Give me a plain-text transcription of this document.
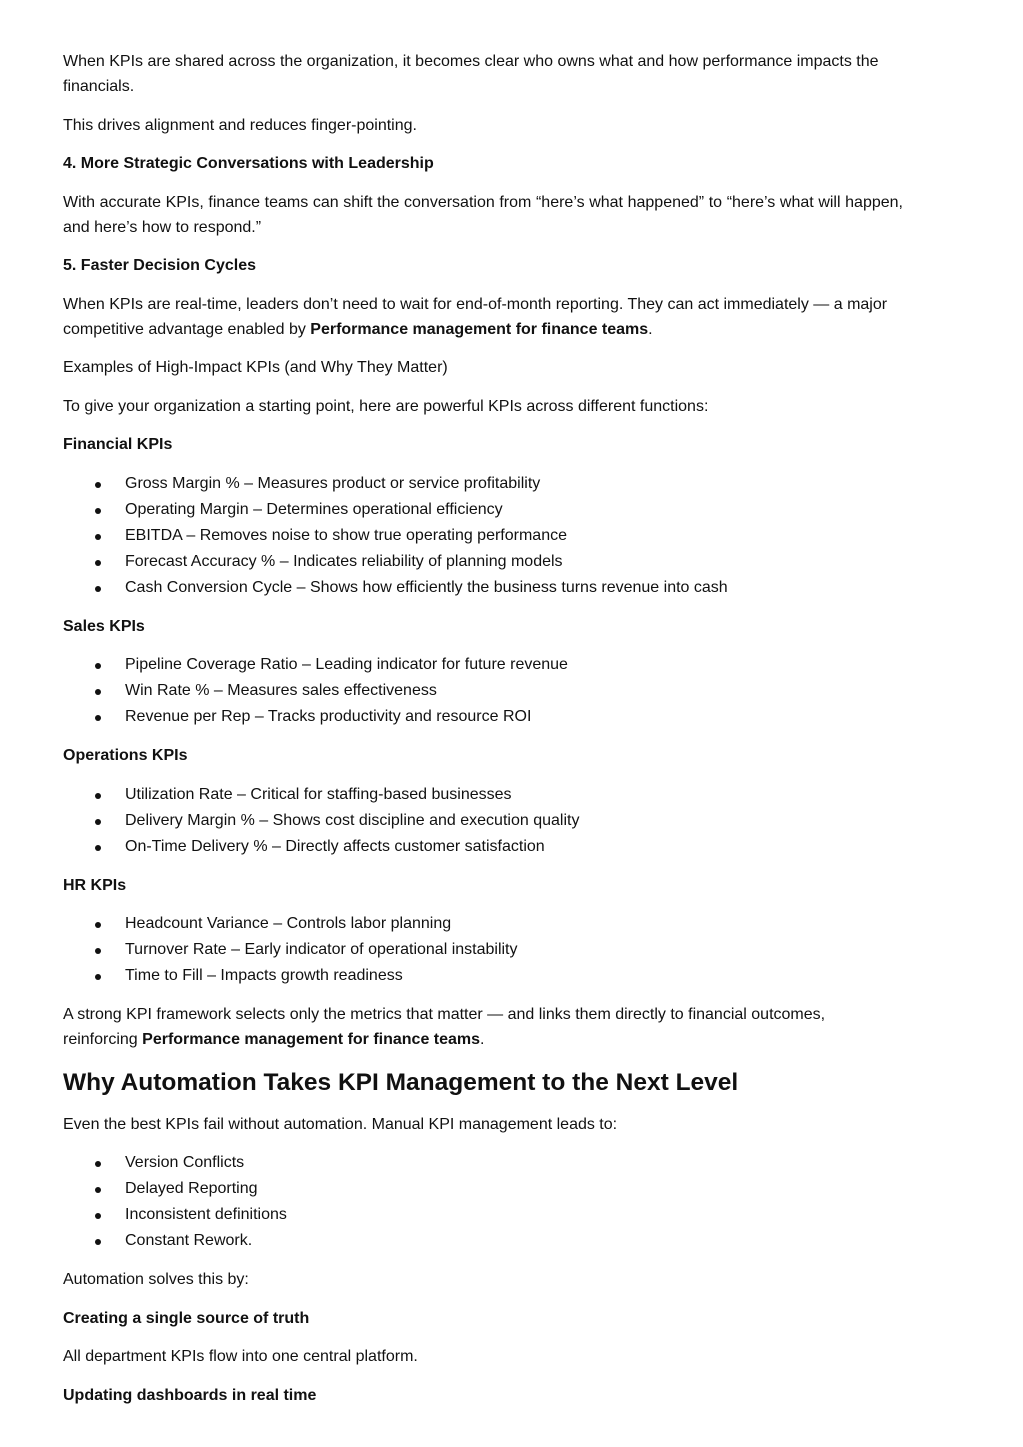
When KPIs are shared across the organization, it becomes clear who owns what and how performance impacts the financials.

This drives alignment and reduces finger-pointing.

4. More Strategic Conversations with Leadership

With accurate KPIs, finance teams can shift the conversation from “here’s what happened” to “here’s what will happen, and here’s how to respond.”

5. Faster Decision Cycles

When KPIs are real-time, leaders don’t need to wait for end-of-month reporting. They can act immediately — a major competitive advantage enabled by Performance management for finance teams.

Examples of High-Impact KPIs (and Why They Matter)

To give your organization a starting point, here are powerful KPIs across different functions:

Financial KPIs
Gross Margin % – Measures product or service profitability
Operating Margin – Determines operational efficiency
EBITDA – Removes noise to show true operating performance
Forecast Accuracy % – Indicates reliability of planning models
Cash Conversion Cycle – Shows how efficiently the business turns revenue into cash
Sales KPIs
Pipeline Coverage Ratio – Leading indicator for future revenue
Win Rate % – Measures sales effectiveness
Revenue per Rep – Tracks productivity and resource ROI
Operations KPIs
Utilization Rate – Critical for staffing-based businesses
Delivery Margin % – Shows cost discipline and execution quality
On-Time Delivery % – Directly affects customer satisfaction
HR KPIs
Headcount Variance – Controls labor planning
Turnover Rate – Early indicator of operational instability
Time to Fill – Impacts growth readiness

A strong KPI framework selects only the metrics that matter — and links them directly to financial outcomes, reinforcing Performance management for finance teams.

Why Automation Takes KPI Management to the Next Level

Even the best KPIs fail without automation. Manual KPI management leads to:

Version Conflicts
Delayed Reporting
Inconsistent definitions
Constant Rework.

Automation solves this by:

Creating a single source of truth

All department KPIs flow into one central platform.

Updating dashboards in real time
